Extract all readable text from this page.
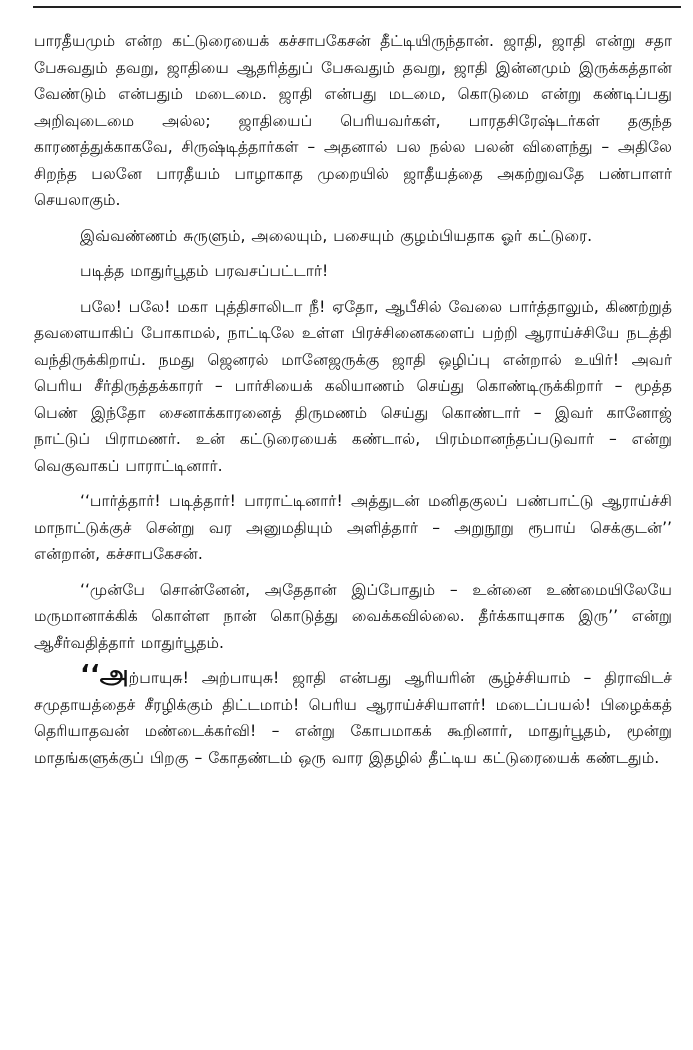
பாரதீயமும் என்ற கட்டுரையைக் கச்சாபகேசன் தீட்டியிருந்தான். ஜாதி, ஜாதி என்று சதா பேசுவதும் தவறு, ஜாதியை ஆதரித்துப் பேசுவதும் தவறு, ஜாதி இன்னமும் இருக்கத்தான் வேண்டும் என்பதும் மடைமை. ஜாதி என்பது மடமை, கொடுமை என்று கண்டிப்பது அறிவுடைமை அல்ல; ஜாதியைப் பெரியவர்கள், பாரதசிரேஷ்டர்கள் தகுந்த காரணத்துக்காகவே, சிருஷ்டித்தார்கள் – அதனால் பல நல்ல பலன் விளைந்து – அதிலே சிறந்த பலனே பாரதீயம் பாழாகாத முறையில் ஜாதீயத்தை அகற்றுவதே பண்பாளர் செயலாகும்.

இவ்வண்ணம் சுருளும், அலையும், பசையும் குழம்பியதாக ஓர் கட்டுரை.

படித்த மாதுர்பூதம் பரவசப்பட்டார்!

பலே! பலே! மகா புத்திசாலிடா நீ! ஏதோ, ஆபீசில் வேலை பார்த்தாலும், கிணற்றுத் தவளையாகிப் போகாமல், நாட்டிலே உள்ள பிரச்சினைகளைப் பற்றி ஆராய்ச்சியே நடத்தி வந்திருக்கிறாய். நமது ஜெனரல் மானேஜருக்கு ஜாதி ஒழிப்பு என்றால் உயிர்! அவர் பெரிய சீர்திருத்தக்காரர் – பார்சியைக் கலியாணம் செய்து கொண்டிருக்கிறார் – மூத்த பெண் இந்தோ சைனாக்காரனைத் திருமணம் செய்து கொண்டார் – இவர் கானோஜ் நாட்டுப் பிராமணர். உன் கட்டுரையைக் கண்டால், பிரம்மானந்தப்படுவார் – என்று வெகுவாகப் பாராட்டினார்.

‘‘பார்த்தார்! படித்தார்! பாராட்டினார்! அத்துடன் மனிதகுலப் பண்பாட்டு ஆராய்ச்சி மாநாட்டுக்குச் சென்று வர அனுமதியும் அளித்தார் – அறுநூறு ரூபாய் செக்குடன்’’ என்றான், கச்சாபகேசன்.

‘‘முன்பே சொன்னேன், அதேதான் இப்போதும் – உன்னை உண்மையிலேயே மருமானாக்கிக் கொள்ள நான் கொடுத்து வைக்கவில்லை. தீர்க்காயுசாக இரு’’ என்று ஆசீர்வதித்தார் மாதுர்பூதம்.

‘‘அற்பாயுசு! அற்பாயுசு! ஜாதி என்பது ஆரியரின் சூழ்ச்சியாம் – திராவிடச் சமுதாயத்தைச் சீரழிக்கும் திட்டமாம்! பெரிய ஆராய்ச்சியாளர்! மடைப்பயல்! பிழைக்கத் தெரியாதவன் மண்டைக்கர்வி! – என்று கோபமாகக் கூறினார், மாதுர்பூதம், மூன்று மாதங்களுக்குப் பிறகு – கோதண்டம் ஒரு வார இதழில் தீட்டிய கட்டுரையைக் கண்டதும்.
